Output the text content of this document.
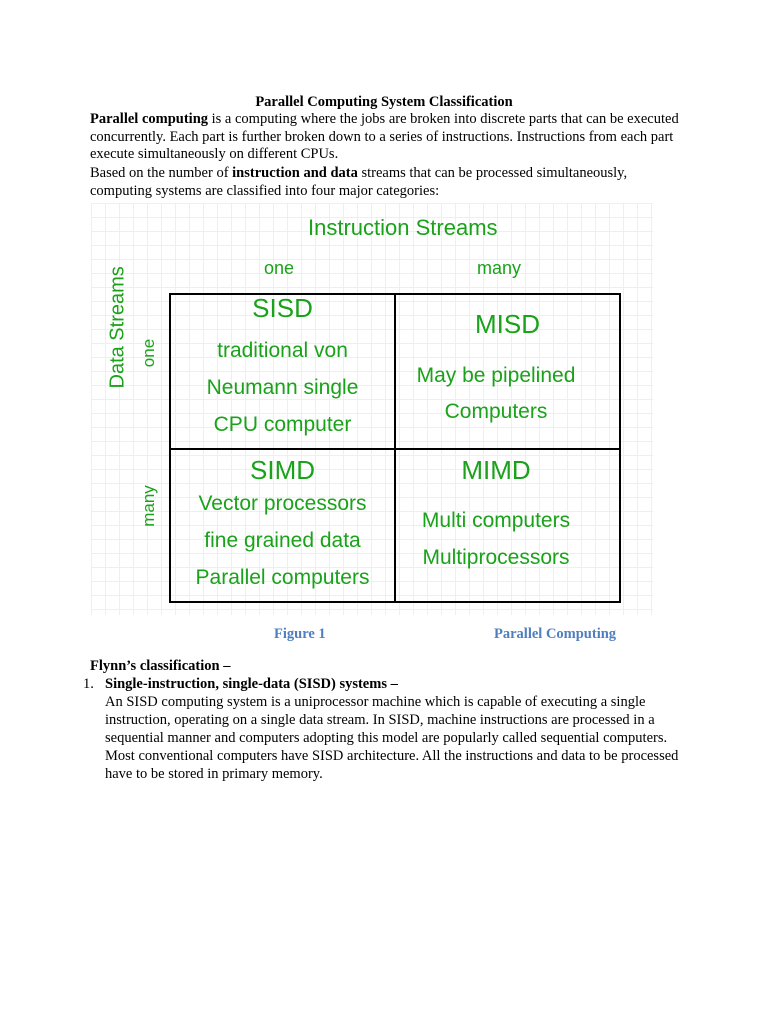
Parallel Computing System Classification
Parallel computing is a computing where the jobs are broken into discrete parts that can be executed concurrently. Each part is further broken down to a series of instructions. Instructions from each part execute simultaneously on different CPUs.
Based on the number of instruction and data streams that can be processed simultaneously, computing systems are classified into four major categories:
Instruction Streams
one	many
Data Streams one
many
SISD
traditional von
Neumann single
CPU computer
MISD
May be pipelined
Computers
SIMD
Vector processors
fine grained data
Parallel computers
MIMD
Multi computers
Multiprocessors
Figure 1	Parallel Computing
Flynn’s classification –
1. Single-instruction, single-data (SISD) systems –
An SISD computing system is a uniprocessor machine which is capable of executing a single instruction, operating on a single data stream. In SISD, machine instructions are processed in a sequential manner and computers adopting this model are popularly called sequential computers. Most conventional computers have SISD architecture. All the instructions and data to be processed have to be stored in primary memory.
